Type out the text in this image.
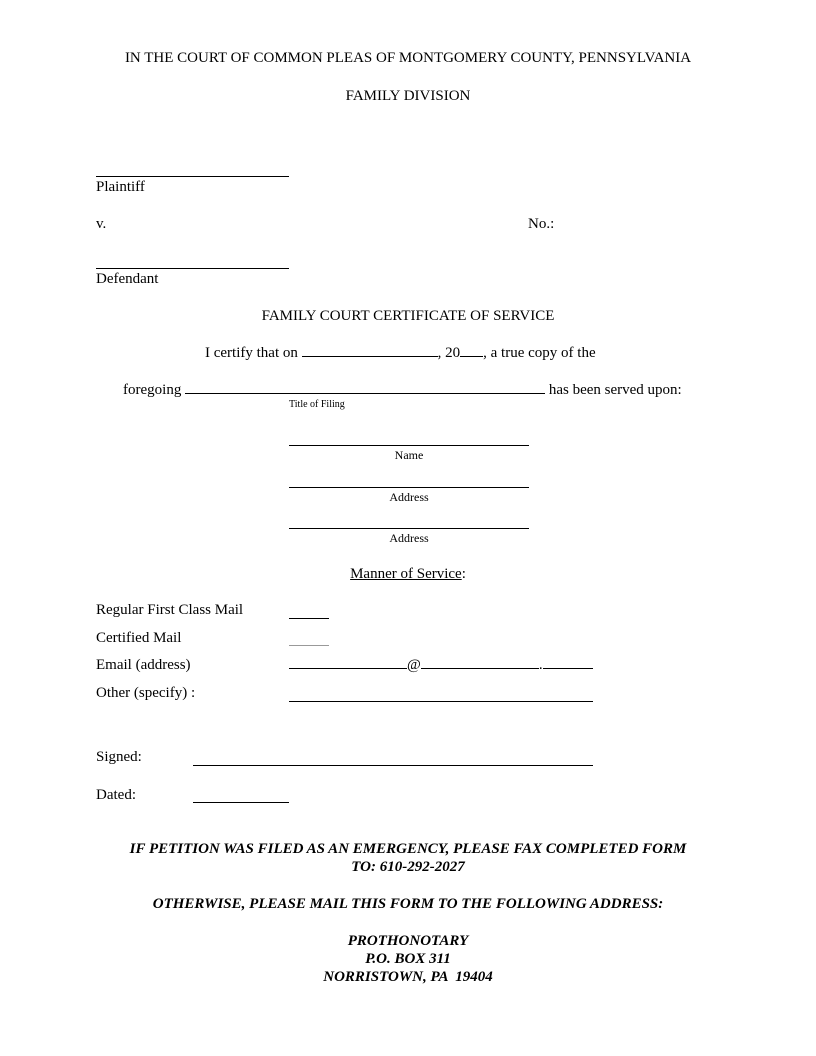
IN THE COURT OF COMMON PLEAS OF MONTGOMERY COUNTY, PENNSYLVANIA
FAMILY DIVISION
Plaintiff
v.	No.:
Defendant
FAMILY COURT CERTIFICATE OF SERVICE
I certify that on	, 20 , a true copy of the
foregoing	has been served upon:
Title of Filing
Name
Address
Address
Manner of Service:
Regular First Class Mail
Certified Mail
Email (address)	@	.
Other (specify) :
Signed:
Dated:
IF PETITION WAS FILED AS AN EMERGENCY, PLEASE FAX COMPLETED FORM
TO: 610-292-2027
OTHERWISE, PLEASE MAIL THIS FORM TO THE FOLLOWING ADDRESS:
PROTHONOTARY
P.O. BOX 311
NORRISTOWN, PA  19404
